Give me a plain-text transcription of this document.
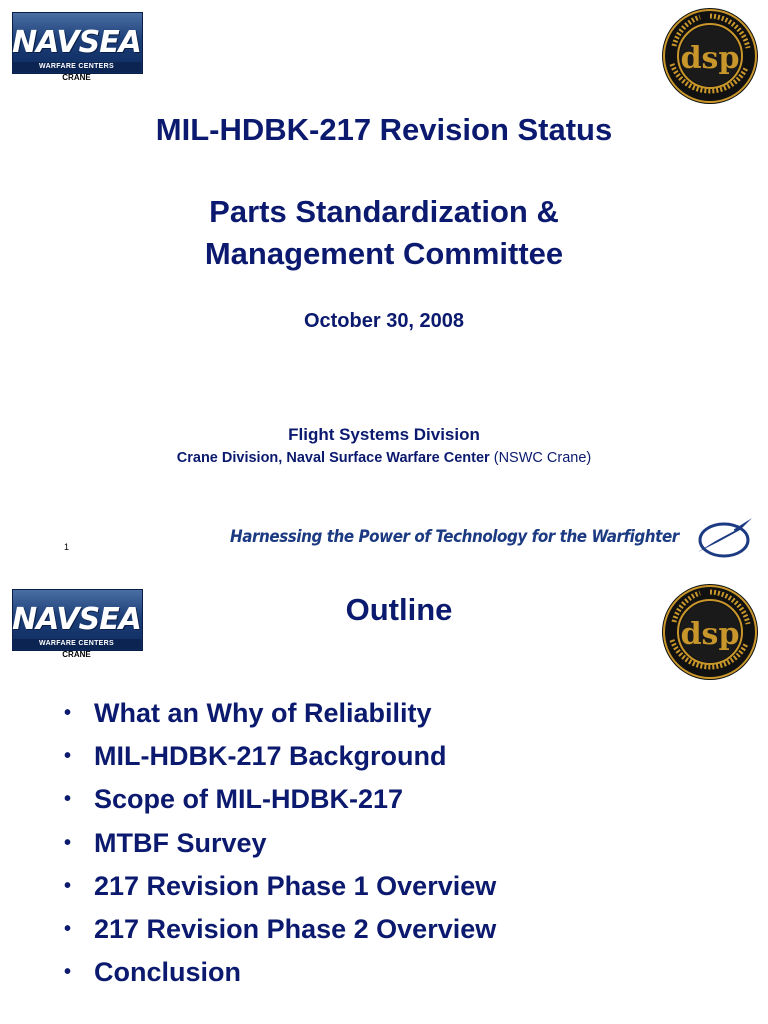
NAVSEA
WARFARE CENTERS
CRANE
dsp
MIL-HDBK-217 Revision Status
Parts Standardization &
Management Committee
October 30, 2008
Flight Systems Division
Crane Division, Naval Surface Warfare Center (NSWC Crane)
1
Harnessing the Power of Technology for the Warfighter
NAVSEA
WARFARE CENTERS
CRANE
dsp
Outline
• What an Why of Reliability
• MIL-HDBK-217 Background
• Scope of MIL-HDBK-217
• MTBF Survey
• 217 Revision Phase 1 Overview
• 217 Revision Phase 2 Overview
• Conclusion
